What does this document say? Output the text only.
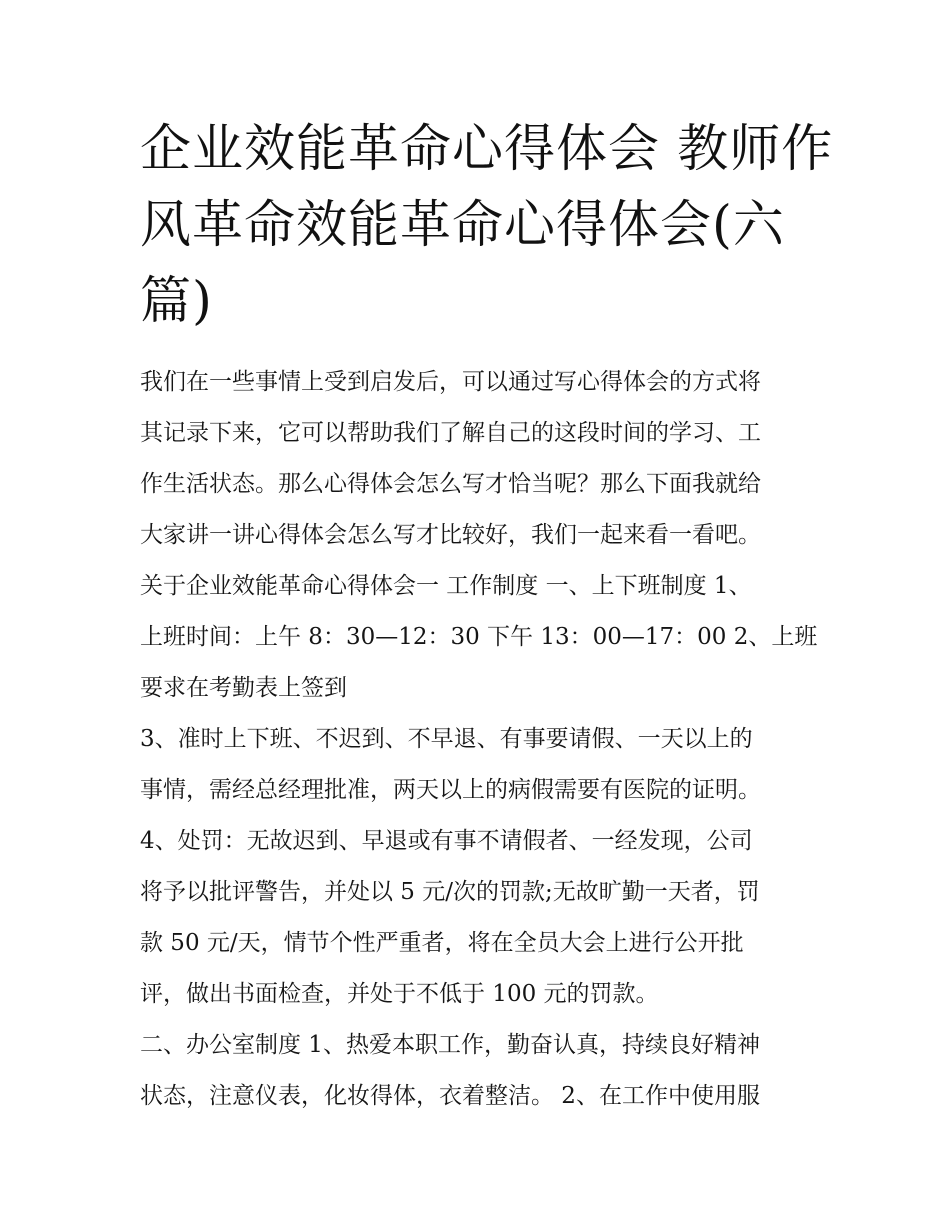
企业效能革命心得体会 教师作
风革命效能革命心得体会(六
篇)
我们在一些事情上受到启发后，可以通过写心得体会的方式将
其记录下来，它可以帮助我们了解自己的这段时间的学习、工
作生活状态。那么心得体会怎么写才恰当呢？那么下面我就给
大家讲一讲心得体会怎么写才比较好，我们一起来看一看吧。
关于企业效能革命心得体会一 工作制度 一、上下班制度 1、
上班时间：上午 8：30—12：30 下午 13：00—17：00 2、上班
要求在考勤表上签到
3、准时上下班、不迟到、不早退、有事要请假、一天以上的
事情，需经总经理批准，两天以上的病假需要有医院的证明。
4、处罚：无故迟到、早退或有事不请假者、一经发现，公司
将予以批评警告，并处以 5 元/次的罚款;无故旷勤一天者，罚
款 50 元/天，情节个性严重者，将在全员大会上进行公开批
评，做出书面检查，并处于不低于 100 元的罚款。
二、办公室制度 1、热爱本职工作，勤奋认真，持续良好精神
状态，注意仪表，化妆得体，衣着整洁。 2、在工作中使用服
